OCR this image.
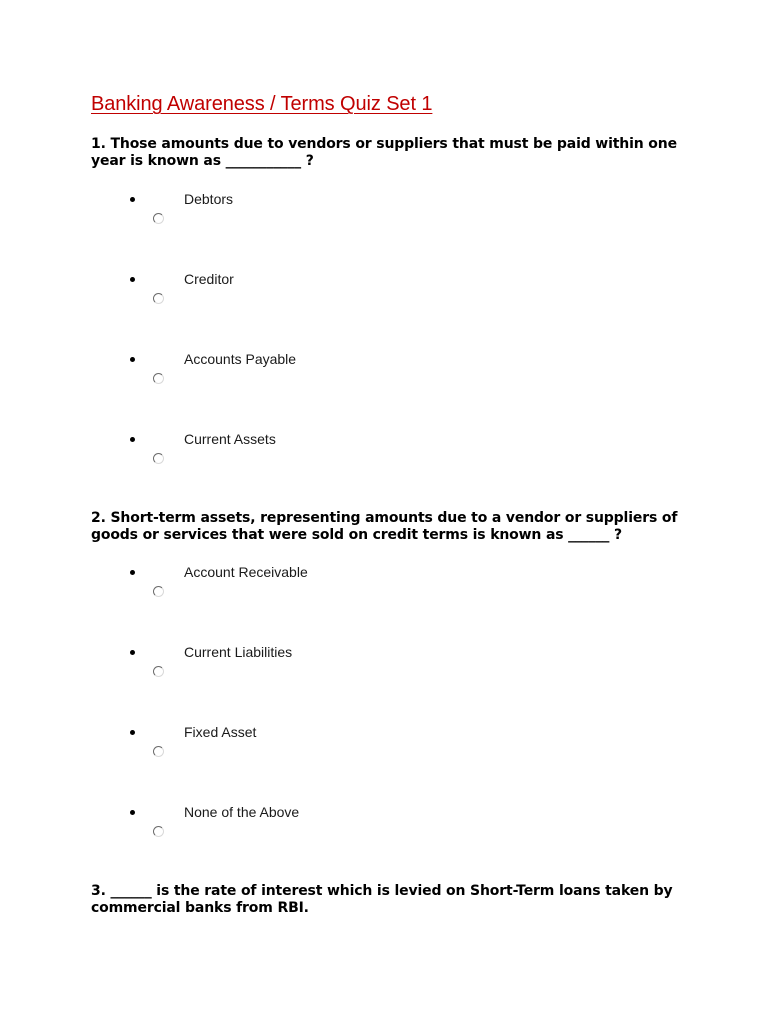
Banking Awareness / Terms Quiz Set 1
1. Those amounts due to vendors or suppliers that must be paid within one year is known as ___________ ?
Debtors
Creditor
Accounts Payable
Current Assets
2. Short-term assets, representing amounts due to a vendor or suppliers of goods or services that were sold on credit terms is known as ______ ?
Account Receivable
Current Liabilities
Fixed Asset
None of the Above
3. ______ is the rate of interest which is levied on Short-Term loans taken by commercial banks from RBI.
